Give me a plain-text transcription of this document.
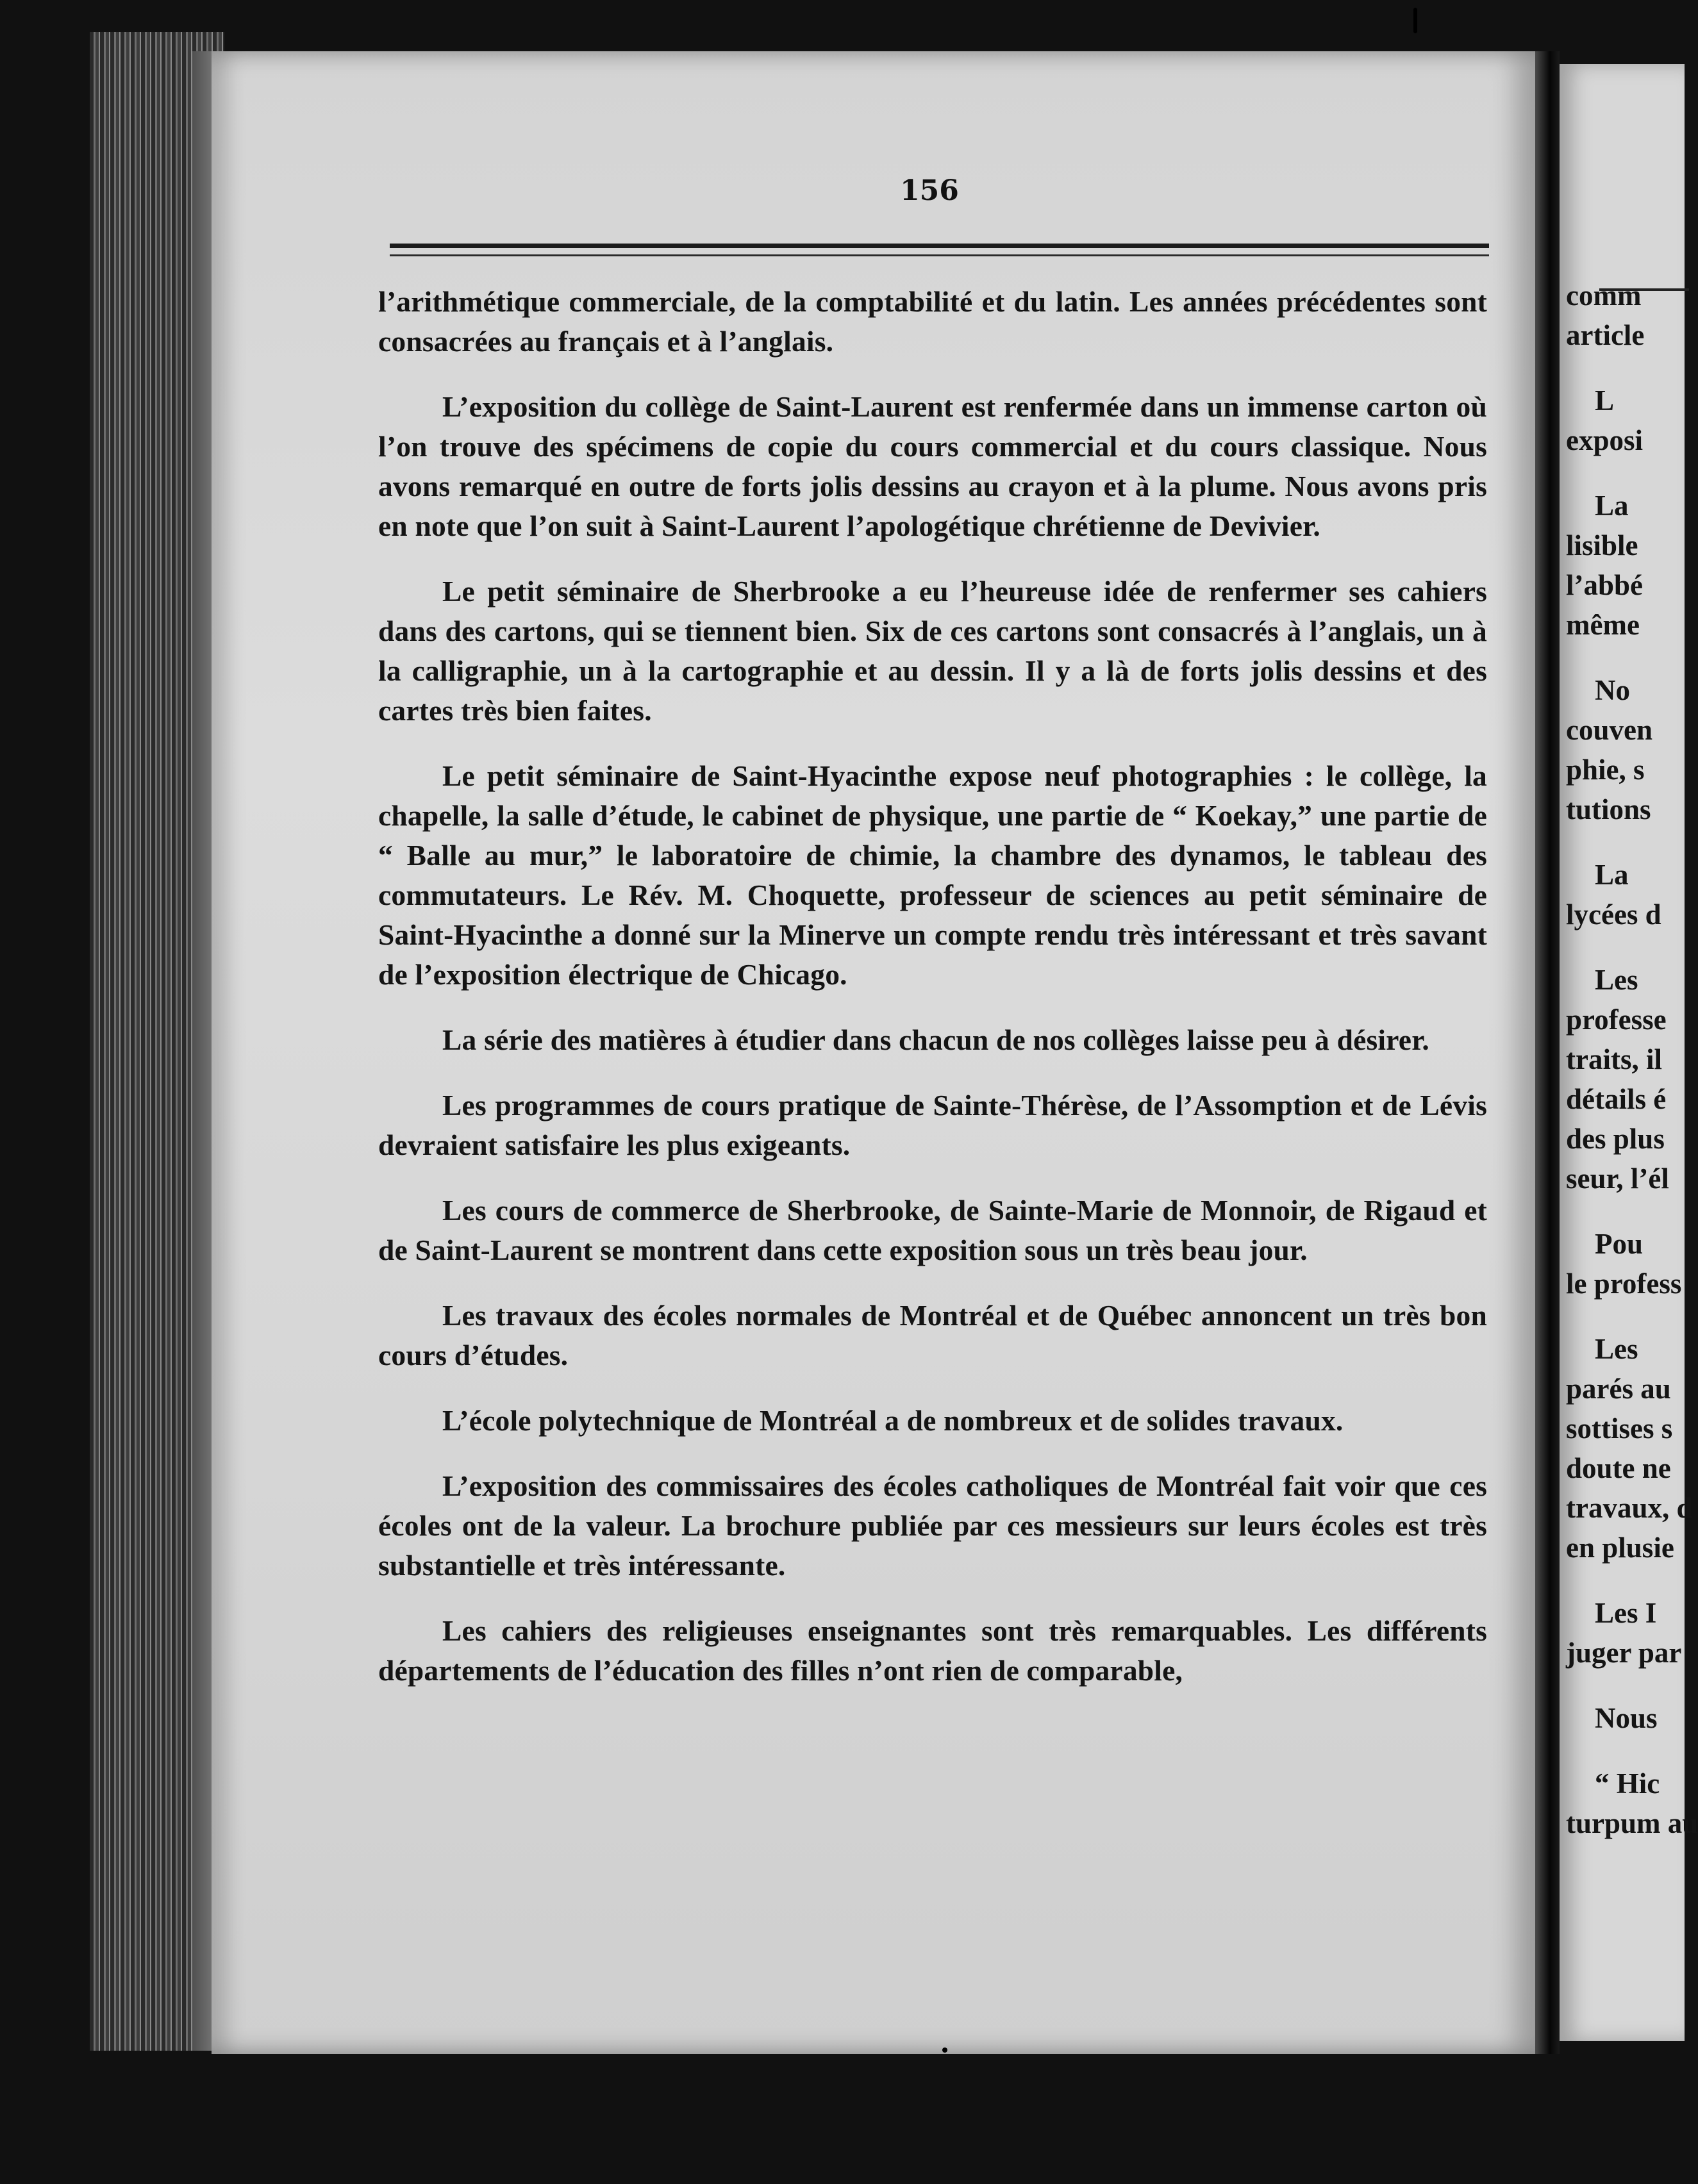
156

l’arithmétique commerciale, de la comptabilité et du latin. Les années précédentes sont consacrées au français et à l’anglais.

L’exposition du collège de Saint-Laurent est renfermée dans un immense carton où l’on trouve des spécimens de copie du cours commercial et du cours classique. Nous avons remarqué en outre de forts jolis dessins au crayon et à la plume. Nous avons pris en note que l’on suit à Saint-Laurent l’apologétique chrétienne de Devivier.

Le petit séminaire de Sherbrooke a eu l’heureuse idée de renfermer ses cahiers dans des cartons, qui se tiennent bien. Six de ces cartons sont consacrés à l’anglais, un à la calligraphie, un à la cartographie et au dessin. Il y a là de forts jolis dessins et des cartes très bien faites.

Le petit séminaire de Saint-Hyacinthe expose neuf photographies : le collège, la chapelle, la salle d’étude, le cabinet de physique, une partie de “ Koekay,” une partie de “ Balle au mur,” le laboratoire de chimie, la chambre des dynamos, le tableau des commutateurs. Le Rév. M. Choquette, professeur de sciences au petit séminaire de Saint-Hyacinthe a donné sur la Minerve un compte rendu très intéressant et très savant de l’exposition électrique de Chicago.

La série des matières à étudier dans chacun de nos collèges laisse peu à désirer.

Les programmes de cours pratique de Sainte-Thérèse, de l’Assomption et de Lévis devraient satisfaire les plus exigeants.

Les cours de commerce de Sherbrooke, de Sainte-Marie de Monnoir, de Rigaud et de Saint-Laurent se montrent dans cette exposition sous un très beau jour.

Les travaux des écoles normales de Montréal et de Québec annoncent un très bon cours d’études.

L’école polytechnique de Montréal a de nombreux et de solides travaux.

L’exposition des commissaires des écoles catholiques de Montréal fait voir que ces écoles ont de la valeur. La brochure publiée par ces messieurs sur leurs écoles est très substantielle et très intéressante.

Les cahiers des religieuses enseignantes sont très remarquables. Les différents départements de l’éducation des filles n’ont rien de comparable,

comm
article
L
exposi
La
lisible
l’abbé
même
No
couven
phie, s
tutions
La
lycées d
Les
professe
traits, il
détails é
des plus
seur, l’él
Pou
le profess
Les
parés au
sottises s
doute ne
travaux, d
en plusie
Les I
juger par
Nous
“ Hic
turpum au
